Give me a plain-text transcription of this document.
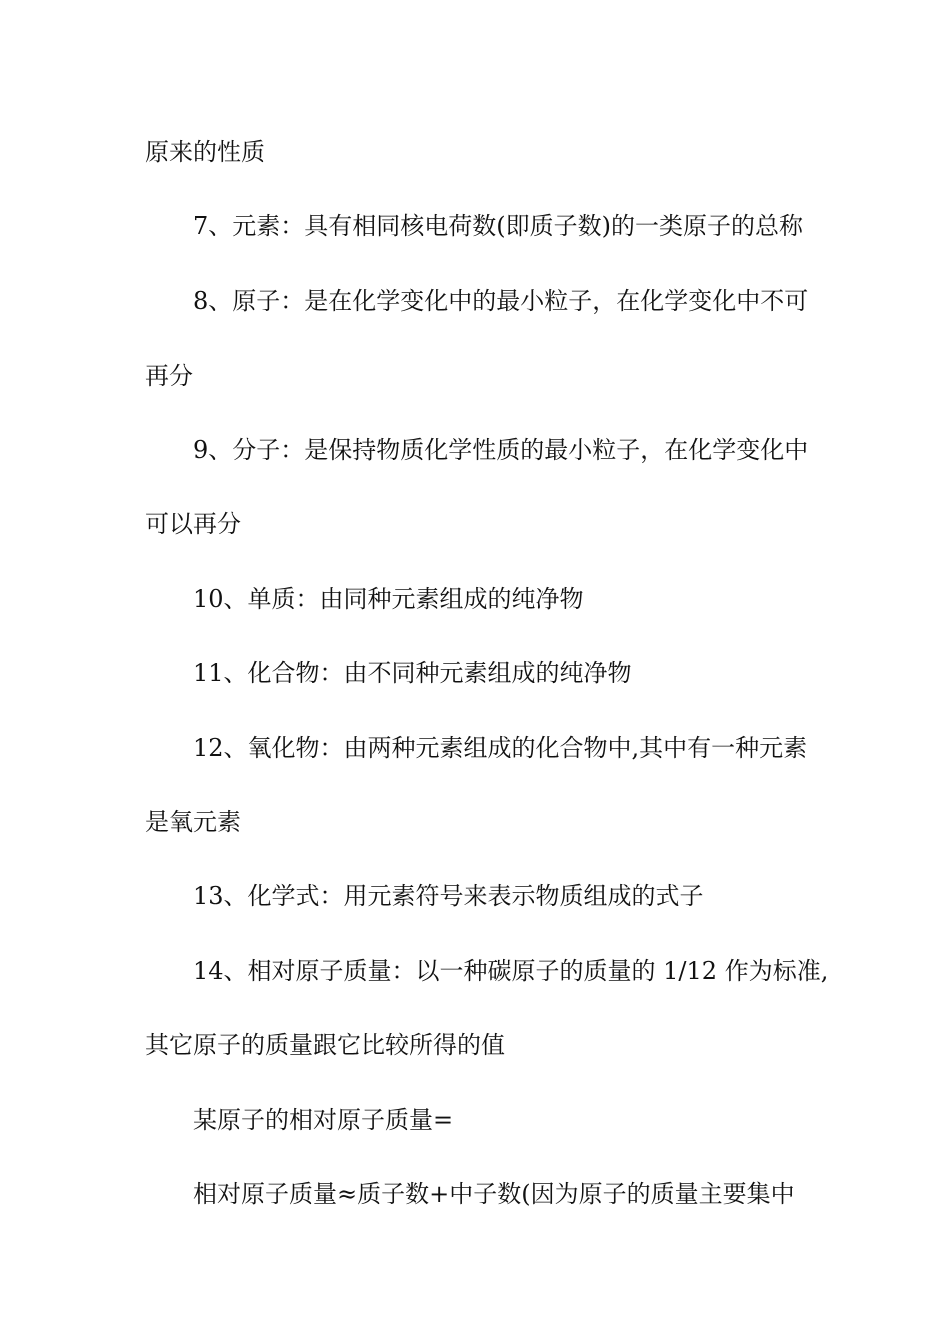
原来的性质
7、元素：具有相同核电荷数(即质子数)的一类原子的总称
8、原子：是在化学变化中的最小粒子，在化学变化中不可
再分
9、分子：是保持物质化学性质的最小粒子，在化学变化中
可以再分
10、单质：由同种元素组成的纯净物
11、化合物：由不同种元素组成的纯净物
12、氧化物：由两种元素组成的化合物中,其中有一种元素
是氧元素
13、化学式：用元素符号来表示物质组成的式子
14、相对原子质量：以一种碳原子的质量的 1/12 作为标准,
其它原子的质量跟它比较所得的值
某原子的相对原子质量=
相对原子质量≈质子数+中子数(因为原子的质量主要集中
